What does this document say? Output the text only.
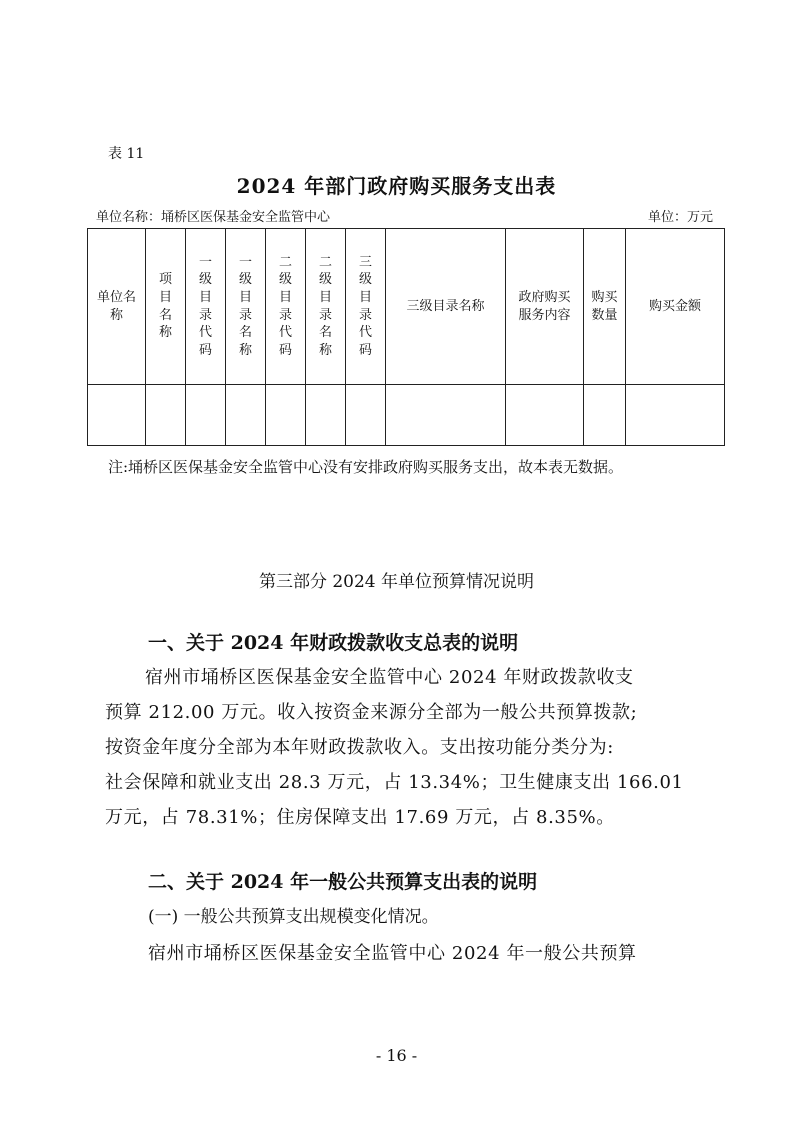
表 11
2024 年部门政府购买服务支出表
单位名称：埇桥区医保基金安全监管中心	单位：万元
单位名称	项目名称	一级目录代码	一级目录名称	二级目录代码	二级目录名称	三级目录代码	三级目录名称	政府购买服务内容	购买数量	购买金额

注:埇桥区医保基金安全监管中心没有安排政府购买服务支出，故本表无数据。
第三部分 2024 年单位预算情况说明
一、关于 2024 年财政拨款收支总表的说明
宿州市埇桥区医保基金安全监管中心 2024 年财政拨款收支
预算 212.00 万元。收入按资金来源分全部为一般公共预算拨款;
按资金年度分全部为本年财政拨款收入。支出按功能分类分为:
社会保障和就业支出 28.3 万元，占 13.34%；卫生健康支出 166.01
万元，占 78.31%；住房保障支出 17.69 万元，占 8.35%。
二、关于 2024 年一般公共预算支出表的说明
(一) 一般公共预算支出规模变化情况。
宿州市埇桥区医保基金安全监管中心 2024 年一般公共预算
- 16 -
